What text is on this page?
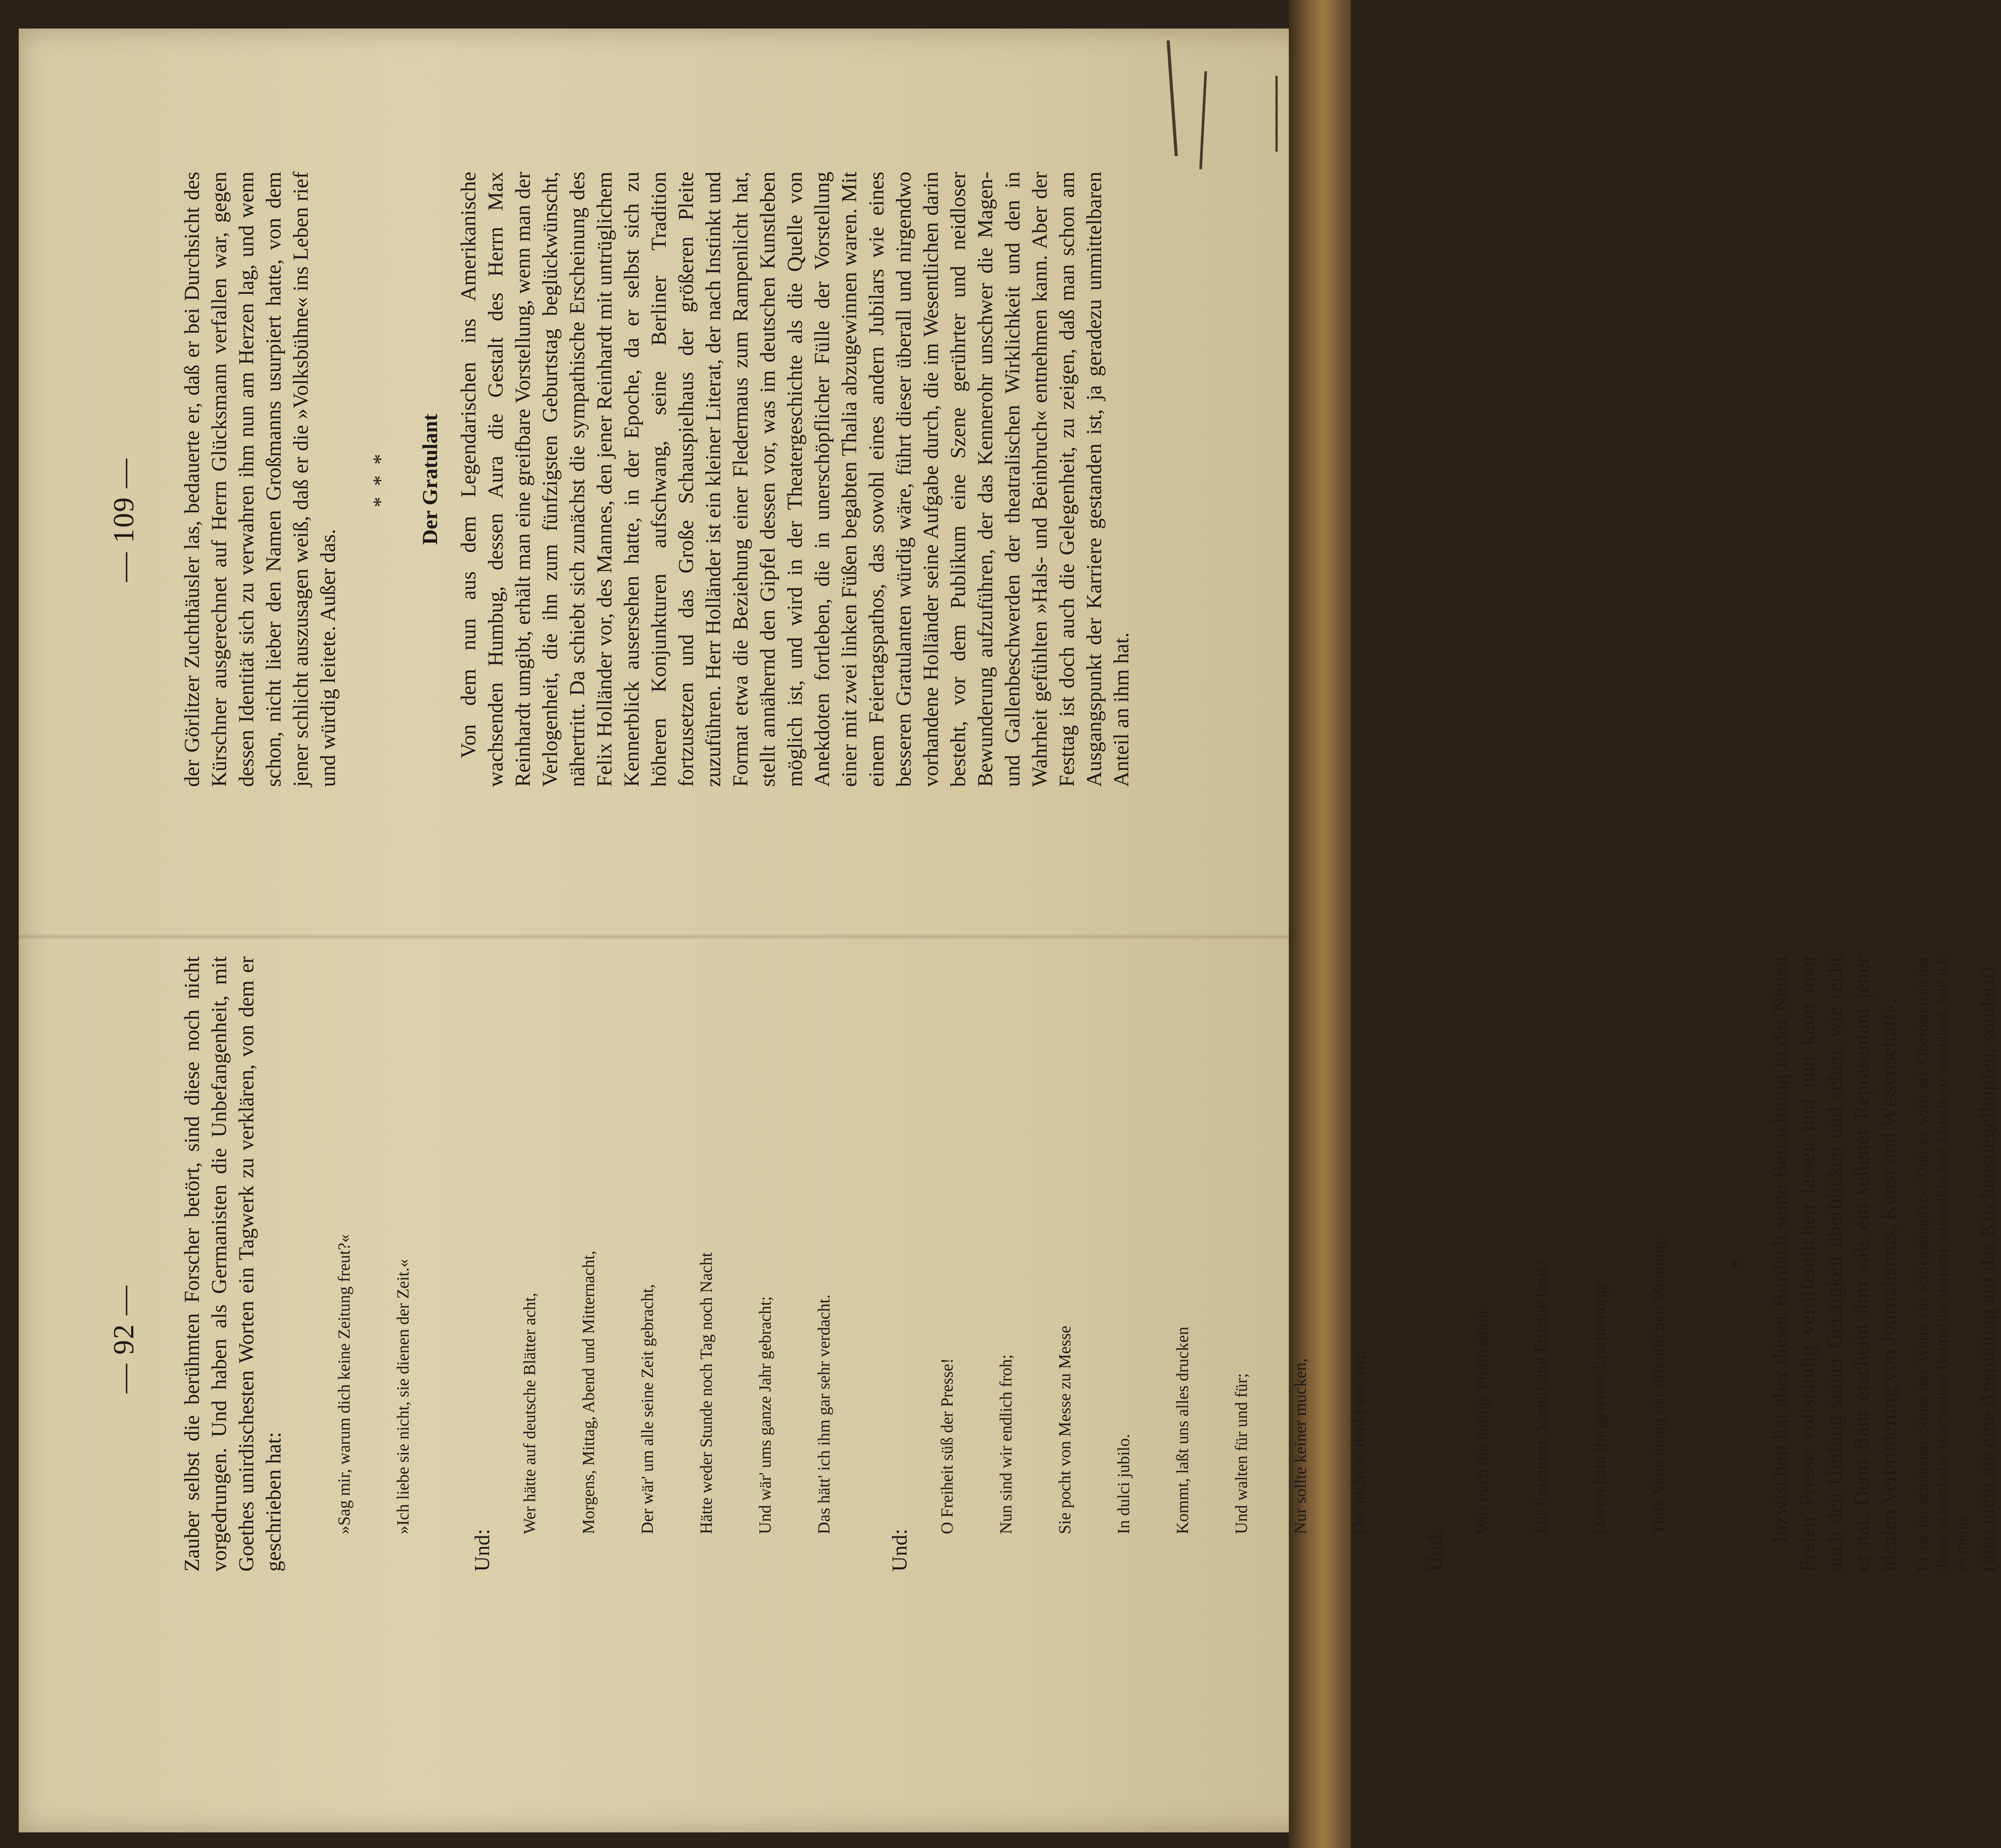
— 92 — Zauber selbst die berühmten Forscher betört, sind diese noch nicht vorgedrungen. Und haben als Germanisten die Unbefangenheit, mit Goethes unirdischesten Worten ein Tagwerk zu verklären, von dem er geschrieben hat:

	»Sag mir, warum dich keine Zeitung freut?«

»Ich liebe sie nicht, sie dienen der Zeit.«

Und:

Wer hätte auf deutsche Blätter acht,

Morgens, Mittag, Abend und Mitternacht,

Der wär' um alle seine Zeit gebracht,

Hätte weder Stunde noch Tag noch Nacht

Und wär' ums ganze Jahr gebracht;

Das hätt' ich ihm gar sehr verdacht.

Und:

O Freiheit süß der Presse!

Nun sind wir endlich froh;

Sie pocht von Messe zu Messe

In dulci jubilo.

Kommt, laßt uns alles drucken

Und walten für und für;

Nur sollte keiner mucken,

Der nicht so denkt wie wir.

Und:

Was euch die heilige Preßfreiheit

Für Frommen, Vorteil und Früchte beut?

Davon habt ihr gewisse Erscheinung:

Tiefe Verachtung der öffentlichen Meinung.

	* Inzwischen hat aber dieser Burdach seine Betrachtung in der Neuen Freien Presse vollständig veröffentlichen lassen und nun kann man auch den Umfang seiner Geistigkeit überblicken und sehen, wie recht er hat. Denn Bahr erscheint ihm »als ein seltener Repräsentant jener idealen Verbrüderung von Journalismus, Kunst und Wissenschaft«. Er ist im schönsten Sinne des Worts ein »Stiegelhupfer«. Und er wird als Oberösterreicher dieses scherzhafte Wort seiner Heimat in meinem ostpreußischen Munde so verstehen, wie ich es meine (also nicht als eine Anspielung auf das Kirchenstiegelhupfen, sondern)

— 109 — der Görlitzer Zuchthäusler las, bedauerte er, daß er bei Durchsicht des Kürschner ausgerechnet auf Herrn Glücksmann verfallen war, gegen dessen Identität sich zu verwahren ihm nun am Herzen lag, und wenn schon, nicht lieber den Namen Großmanns usurpiert hatte, von dem jener schlicht auszusagen weiß, daß er die »Volksbühne« ins Leben rief und würdig leitete. Außer das.

* * * Der Gratulant Von dem nun aus dem Legendarischen ins Amerikanische wachsenden Humbug, dessen Aura die Gestalt des Herrn Max Reinhardt umgibt, erhält man eine greifbare Vorstellung, wenn man der Verlogenheit, die ihn zum fünfzigsten Geburtstag beglückwünscht, nähertritt. Da schiebt sich zunächst die sympathische Erscheinung des Felix Holländer vor, des Mannes, den jener Reinhardt mit untrüglichem Kennerblick ausersehen hatte, in der Epoche, da er selbst sich zu höheren Konjunkturen aufschwang, seine Berliner Tradition fortzusetzen und das Große Schauspielhaus der größeren Pleite zuzuführen. Herr Holländer ist ein kleiner Literat, der nach Instinkt und Format etwa die Beziehung einer Fledermaus zum Rampenlicht hat, stellt annähernd den Gipfel dessen vor, was im deutschen Kunstleben möglich ist, und wird in der Theatergeschichte als die Quelle von Anekdoten fortleben, die in unerschöpflicher Fülle der Vorstellung einer mit zwei linken Füßen begabten Thalia abzugewinnen waren. Mit einem Feiertagspathos, das sowohl eines andern Jubilars wie eines besseren Gratulanten würdig wäre, führt dieser überall und nirgendwo vorhandene Holländer seine Aufgabe durch, die im Wesentlichen darin besteht, vor dem Publikum eine Szene gerührter und neidloser Bewunderung aufzuführen, der das Kennerohr unschwer die Magen- und Gallenbeschwerden der theatralischen Wirklichkeit und den in Wahrheit gefühlten »Hals- und Beinbruch« entnehmen kann. Aber der Festtag ist doch auch die Gelegenheit, zu zeigen, daß man schon am Ausgangspunkt der Karriere gestanden ist, ja geradezu unmittelbaren Anteil an ihm hat.
